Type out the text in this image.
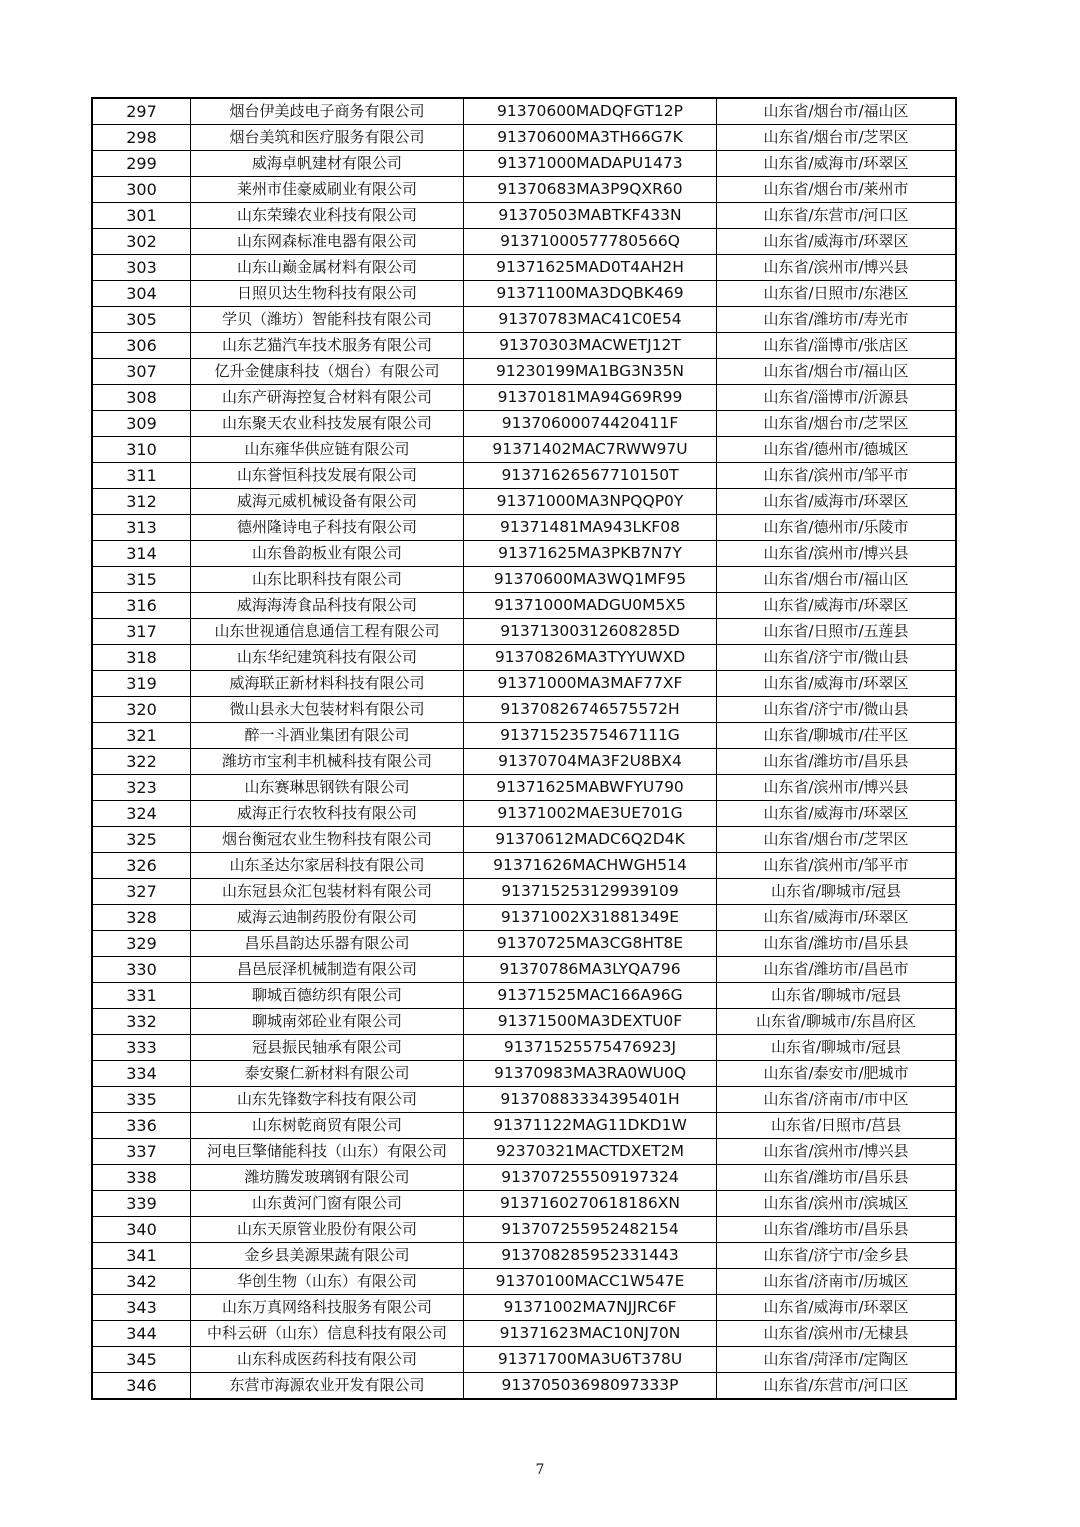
297	烟台伊美歧电子商务有限公司	91370600MADQFGT12P	山东省/烟台市/福山区
298	烟台美筑和医疗服务有限公司	91370600MA3TH66G7K	山东省/烟台市/芝罘区
299	威海卓帆建材有限公司	91371000MADAPU1473	山东省/威海市/环翠区
300	莱州市佳豪威刷业有限公司	91370683MA3P9QXR60	山东省/烟台市/莱州市
301	山东荣臻农业科技有限公司	91370503MABTKF433N	山东省/东营市/河口区
302	山东网森标准电器有限公司	91371000577780566Q	山东省/威海市/环翠区
303	山东山巅金属材料有限公司	91371625MAD0T4AH2H	山东省/滨州市/博兴县
304	日照贝达生物科技有限公司	91371100MA3DQBK469	山东省/日照市/东港区
305	学贝（潍坊）智能科技有限公司	91370783MAC41C0E54	山东省/潍坊市/寿光市
306	山东艺猫汽车技术服务有限公司	91370303MACWETJ12T	山东省/淄博市/张店区
307	亿升金健康科技（烟台）有限公司	91230199MA1BG3N35N	山东省/烟台市/福山区
308	山东产研海控复合材料有限公司	91370181MA94G69R99	山东省/淄博市/沂源县
309	山东聚天农业科技发展有限公司	91370600074420411F	山东省/烟台市/芝罘区
310	山东雍华供应链有限公司	91371402MAC7RWW97U	山东省/德州市/德城区
311	山东誉恒科技发展有限公司	91371626567710150T	山东省/滨州市/邹平市
312	威海元威机械设备有限公司	91371000MA3NPQQP0Y	山东省/威海市/环翠区
313	德州隆诗电子科技有限公司	91371481MA943LKF08	山东省/德州市/乐陵市
314	山东鲁韵板业有限公司	91371625MA3PKB7N7Y	山东省/滨州市/博兴县
315	山东比职科技有限公司	91370600MA3WQ1MF95	山东省/烟台市/福山区
316	威海海涛食品科技有限公司	91371000MADGU0M5X5	山东省/威海市/环翠区
317	山东世视通信息通信工程有限公司	91371300312608285D	山东省/日照市/五莲县
318	山东华纪建筑科技有限公司	91370826MA3TYYUWXD	山东省/济宁市/微山县
319	威海联正新材料科技有限公司	91371000MA3MAF77XF	山东省/威海市/环翠区
320	微山县永大包装材料有限公司	91370826746575572H	山东省/济宁市/微山县
321	醉一斗酒业集团有限公司	91371523575467111G	山东省/聊城市/茌平区
322	潍坊市宝利丰机械科技有限公司	91370704MA3F2U8BX4	山东省/潍坊市/昌乐县
323	山东赛琳思钢铁有限公司	91371625MABWFYU790	山东省/滨州市/博兴县
324	威海正行农牧科技有限公司	91371002MAE3UE701G	山东省/威海市/环翠区
325	烟台衡冠农业生物科技有限公司	91370612MADC6Q2D4K	山东省/烟台市/芝罘区
326	山东圣达尔家居科技有限公司	91371626MACHWGH514	山东省/滨州市/邹平市
327	山东冠县众汇包装材料有限公司	913715253129939109	山东省/聊城市/冠县
328	威海云迪制药股份有限公司	91371002X31881349E	山东省/威海市/环翠区
329	昌乐昌韵达乐器有限公司	91370725MA3CG8HT8E	山东省/潍坊市/昌乐县
330	昌邑辰泽机械制造有限公司	91370786MA3LYQA796	山东省/潍坊市/昌邑市
331	聊城百德纺织有限公司	91371525MAC166A96G	山东省/聊城市/冠县
332	聊城南郊砼业有限公司	91371500MA3DEXTU0F	山东省/聊城市/东昌府区
333	冠县振民轴承有限公司	91371525575476923J	山东省/聊城市/冠县
334	泰安聚仁新材料有限公司	91370983MA3RA0WU0Q	山东省/泰安市/肥城市
335	山东先锋数字科技有限公司	91370883334395401H	山东省/济南市/市中区
336	山东树乾商贸有限公司	91371122MAG11DKD1W	山东省/日照市/莒县
337	河电巨擎储能科技（山东）有限公司	92370321MACTDXET2M	山东省/滨州市/博兴县
338	潍坊腾发玻璃钢有限公司	913707255509197324	山东省/潍坊市/昌乐县
339	山东黄河门窗有限公司	9137160270618186XN	山东省/滨州市/滨城区
340	山东天原管业股份有限公司	913707255952482154	山东省/潍坊市/昌乐县
341	金乡县美源果蔬有限公司	913708285952331443	山东省/济宁市/金乡县
342	华创生物（山东）有限公司	91370100MACC1W547E	山东省/济南市/历城区
343	山东万真网络科技服务有限公司	91371002MA7NJJRC6F	山东省/威海市/环翠区
344	中科云研（山东）信息科技有限公司	91371623MAC10NJ70N	山东省/滨州市/无棣县
345	山东科成医药科技有限公司	91371700MA3U6T378U	山东省/菏泽市/定陶区
346	东营市海源农业开发有限公司	91370503698097333P	山东省/东营市/河口区
7
